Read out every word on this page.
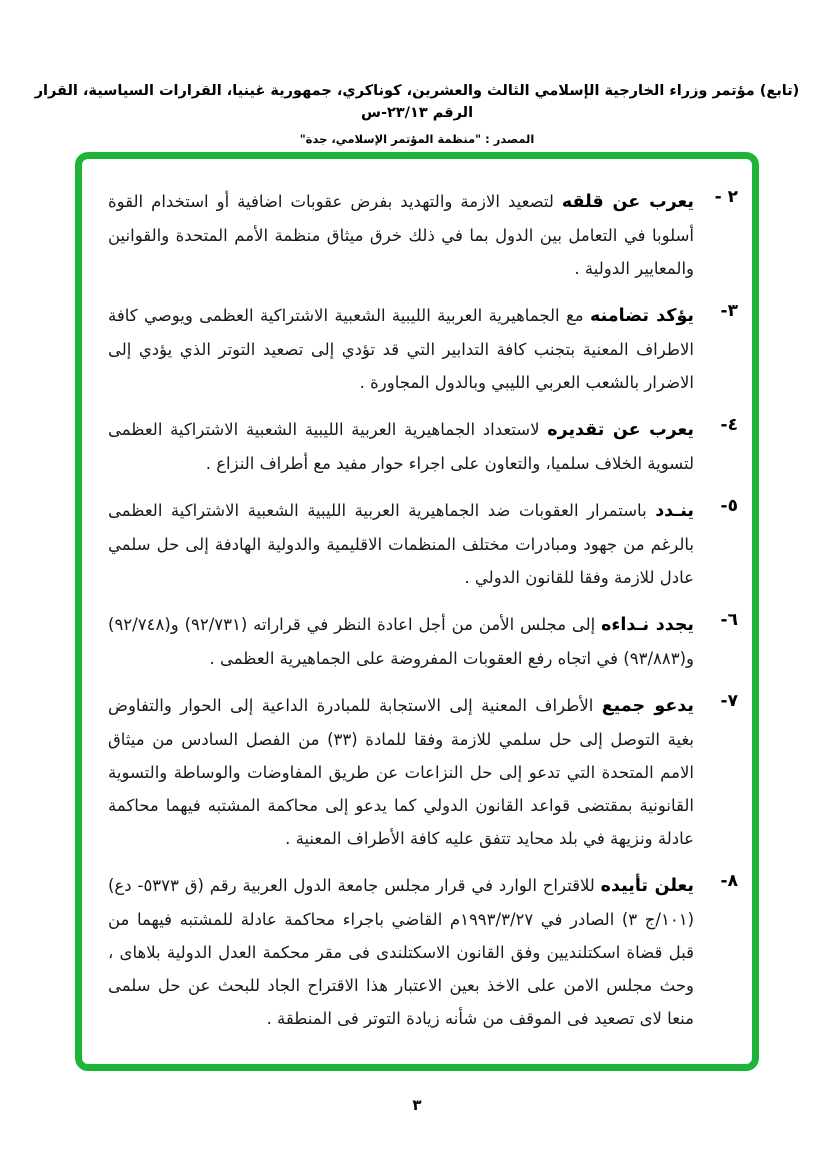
(تابع) مؤتمر وزراء الخارجية الإسلامي الثالث والعشرين، كوناكري، جمهورية غينيا، القرارات السياسية، القرار الرقم ٢٣/١٣-س
المصدر : "منظمة المؤتمر الإسلامي، جدة"
٢ -
يعرب عن قلقه لتصعيد الازمة والتهديد بفرض عقوبات اضافية أو استخدام القوة أسلوبا في التعامل بين الدول بما في ذلك خرق ميثاق منظمة الأمم المتحدة والقوانين والمعايير الدولية .
٣-
يؤكد تضامنه مع الجماهيرية العربية الليبية الشعبية الاشتراكية العظمى ويوصي كافة الاطراف المعنية بتجنب كافة التدابير التي قد تؤدي إلى تصعيد التوتر الذي يؤدي إلى الاضرار بالشعب العربي الليبي وبالدول المجاورة .
٤-
يعرب عن تقديره لاستعداد الجماهيرية العربية الليبية الشعبية الاشتراكية العظمى لتسوية الخلاف سلميا، والتعاون على اجراء حوار مفيد مع أطراف النزاع .
٥-
ينـدد باستمرار العقوبات ضد الجماهيرية العربية الليبية الشعبية الاشتراكية العظمى بالرغم من جهود ومبادرات مختلف المنظمات الاقليمية والدولية الهادفة إلى حل سلمي عادل للازمة وفقا للقانون الدولي .
٦-
يجدد نـداءه إلى مجلس الأمن من أجل اعادة النظر في قراراته (٩٢/٧٣١) و(٩٢/٧٤٨) و(٩٣/٨٨٣) في اتجاه رفع العقوبات المفروضة على الجماهيرية العظمى .
٧-
يدعو جميع الأطراف المعنية إلى الاستجابة للمبادرة الداعية إلى الحوار والتفاوض بغية التوصل إلى حل سلمي للازمة وفقا للمادة (٣٣) من الفصل السادس من ميثاق الامم المتحدة التي تدعو إلى حل النزاعات عن طريق المفاوضات والوساطة والتسوية القانونية بمقتضى قواعد القانون الدولي كما يدعو إلى محاكمة المشتبه فيهما محاكمة عادلة ونزيهة في بلد محايد تتفق عليه كافة الأطراف المعنية .
٨-
يعلن تأييده للاقتراح الوارد في قرار مجلس جامعة الدول العربية رقم (ق ٥٣٧٣- دع) (١٠١/ج ٣) الصادر في ١٩٩٣/٣/٢٧م القاضي باجراء محاكمة عادلة للمشتبه فيهما من قبل قضاة اسكتلنديين وفق القانون الاسكتلندى فى مقر محكمة العدل الدولية بلاهاى ، وحث مجلس الامن على الاخذ بعين الاعتبار هذا الاقتراح الجاد للبحث عن حل سلمى منعا لاى تصعيد فى الموقف من شأنه زيادة التوتر فى المنطقة .
٣
